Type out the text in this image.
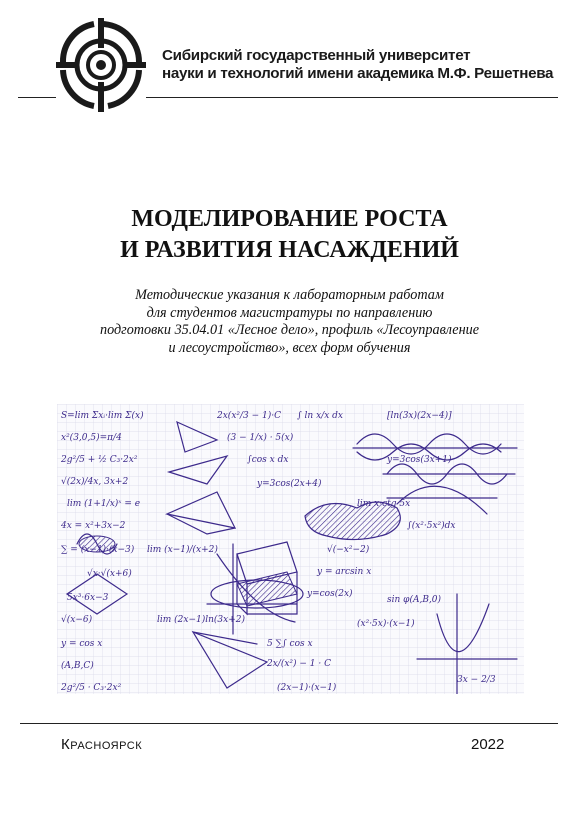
Сибирский государственный университет
науки и технологий имени академика М.Ф. Решетнева
МОДЕЛИРОВАНИЕ РОСТА
И РАЗВИТИЯ НАСАЖДЕНИЙ
Методические указания к лабораторным работам
для студентов магистратуры по направлению
подготовки 35.04.01 «Лесное дело», профиль «Лесоуправление
и лесоустройство», всех форм обучения
S=lim Σxᵢ·lim Σ(x)	2x(x²/3 − 1)·C ∫ ln x/x dx	[ln(3x)(2x−4)]
x²(3,0,5)=π/4	(3 − 1/x) · 5(x)
2g²/5 + ½ C₃·2x²	∫cos x dx	y=3cos(3x+1)
√(2x)/4x, 3x+2	y=3cos(2x+4)
lim (1+1/x)ˣ = e	lim x·ctg 5x
4x = x²+3x−2	∫(x²·5x²)dx
∑ = (x−1)·(x−3) lim (x−1)/(x+2)	√(−x²−2)
√x·√(x+6)	y = arcsin x
5x³·6x−3	y=cos(2x)
sin φ(A,B,0)
√(x−6)	lim (2x−1)ln(3x+2)	(x²·5x)·(x−1)
y = cos x	5 ∑∫ cos x
(A,B,C)	2x/(x²) − 1 · C
2g²/5 · C₃·2x²	(2x−1)·(x−1)
3x − 2/3
Красноярск	2022
